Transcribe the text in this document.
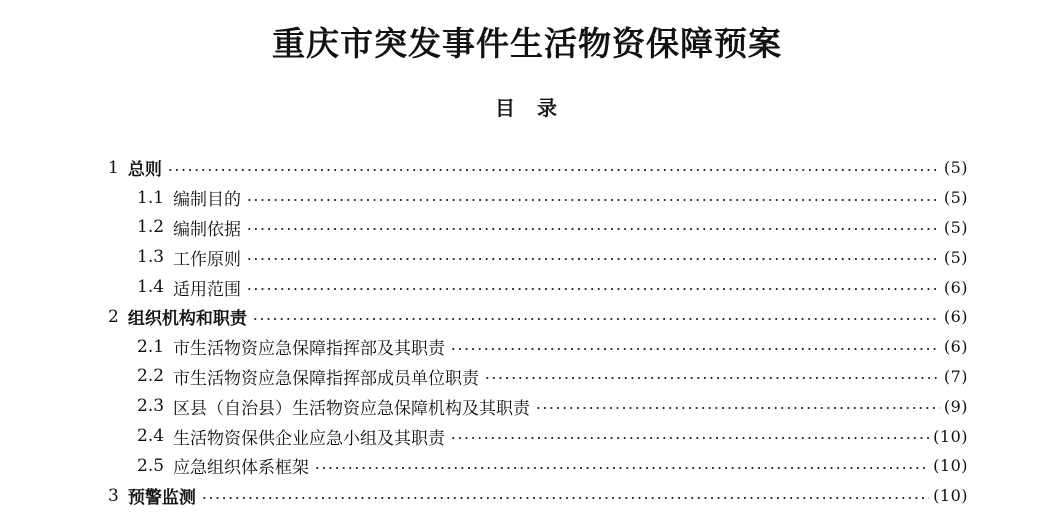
重庆市突发事件生活物资保障预案
目 录
1 总则	(5)
1.1 编制目的	(5)
1.2 编制依据	(5)
1.3 工作原则	(5)
1.4 适用范围	(6)
2 组织机构和职责	(6)
2.1 市生活物资应急保障指挥部及其职责	(6)
2.2 市生活物资应急保障指挥部成员单位职责	(7)
2.3 区县（自治县）生活物资应急保障机构及其职责	(9)
2.4 生活物资保供企业应急小组及其职责	(10)
2.5 应急组织体系框架	(10)
3 预警监测	(10)
